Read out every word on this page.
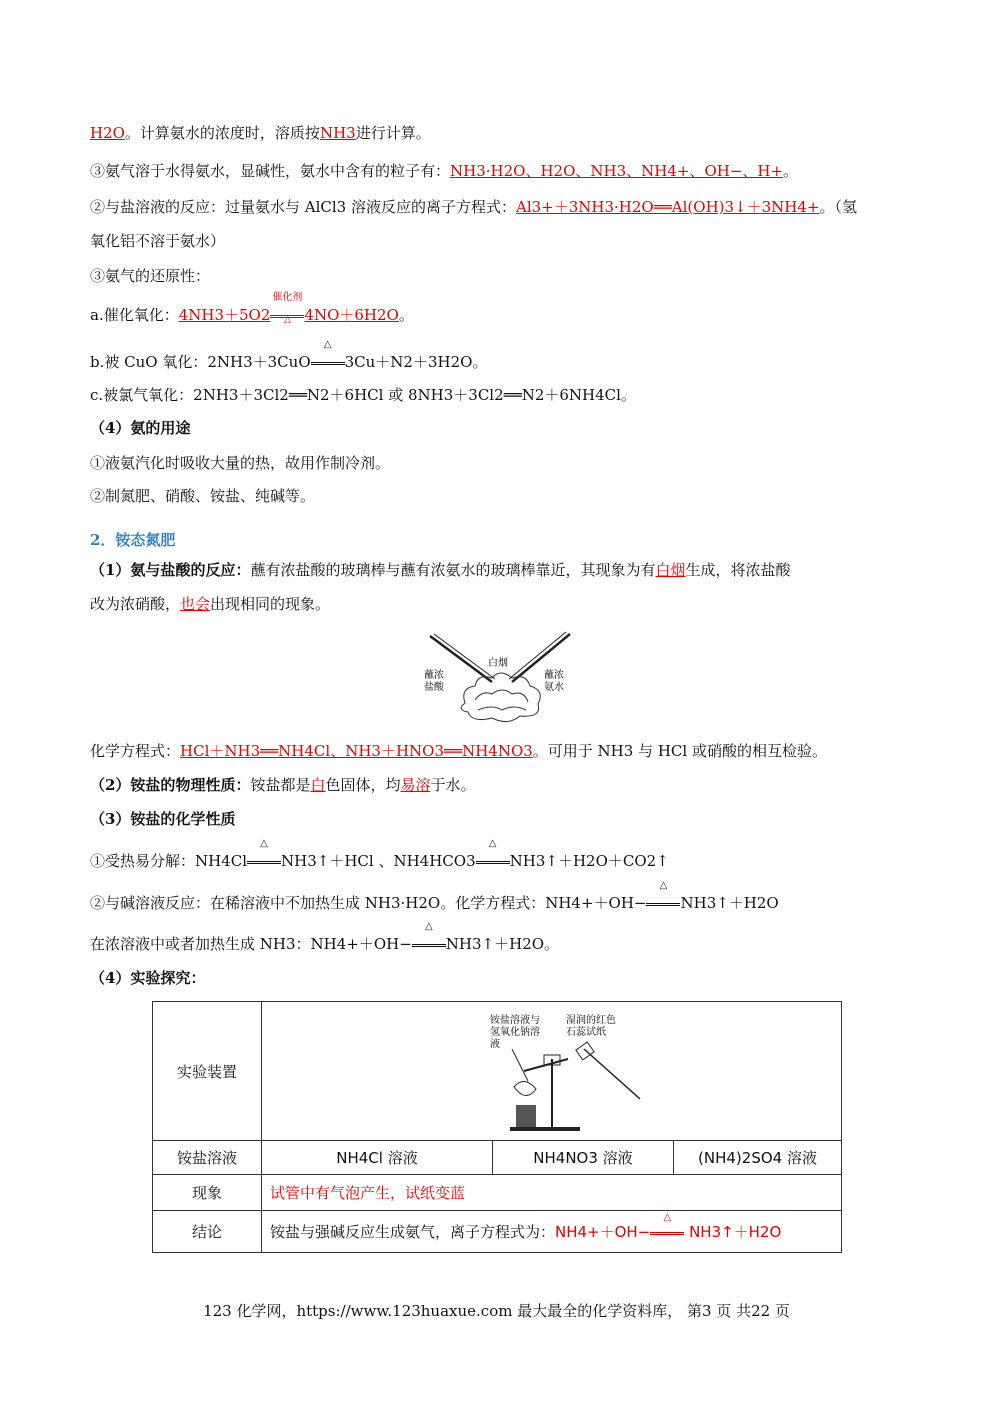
H2O。计算氨水的浓度时，溶质按NH3进行计算。
③氨气溶于水得氨水，显碱性，氨水中含有的粒子有：NH3·H2O、H2O、NH3、NH4+、OH−、H+。
②与盐溶液的反应：过量氨水与 AlCl3 溶液反应的离子方程式：Al3+＋3NH3·H2O══Al(OH)3↓＋3NH4+。（氢
氧化铝不溶于氨水）
③氨气的还原性：
a.催化氧化：4NH3＋5O2
催化剂
△ 4NO＋6H2O。
b.被 CuO 氧化：2NH3＋3CuO
△
3Cu＋N2＋3H2O。
c.被氯气氧化：2NH3＋3Cl2══N2＋6HCl 或 8NH3＋3Cl2══N2＋6NH4Cl。
（4）氨的用途
①液氨汽化时吸收大量的热，故用作制冷剂。
②制氮肥、硝酸、铵盐、纯碱等。
2．铵态氮肥
（1）氨与盐酸的反应：蘸有浓盐酸的玻璃棒与蘸有浓氨水的玻璃棒靠近，其现象为有白烟生成，将浓盐酸
改为浓硝酸，也会出现相同的现象。
白烟
蘸浓
盐酸
蘸浓
氨水
化学方程式：HCl＋NH3══NH4Cl、NH3＋HNO3══NH4NO3。可用于 NH3 与 HCl 或硝酸的相互检验。
（2）铵盐的物理性质：铵盐都是白色固体，均易溶于水。
（3）铵盐的化学性质
①受热易分解：NH4Cl
△
NH3↑＋HCl 、NH4HCO3
△
NH3↑＋H2O＋CO2↑
②与碱溶液反应：在稀溶液中不加热生成 NH3·H2O。化学方程式：NH4+＋OH−
△
NH3↑＋H2O
在浓溶液中或者加热生成 NH3：NH4+＋OH−
△
NH3↑＋H2O。
（4）实验探究：
实验装置	铵盐溶液与
氢氧化钠溶
液
湿润的红色
石蕊试纸		

铵盐溶液	NH4Cl 溶液	NH4NO3 溶液	(NH4)2SO4 溶液
现象	试管中有气泡产生，试纸变蓝		
结论	铵盐与强碱反应生成氨气，离子方程式为：NH4+＋OH−
△
NH3↑＋H2O		
123 化学网，https://www.123huaxue.com 最大最全的化学资料库， 第3 页 共22 页
